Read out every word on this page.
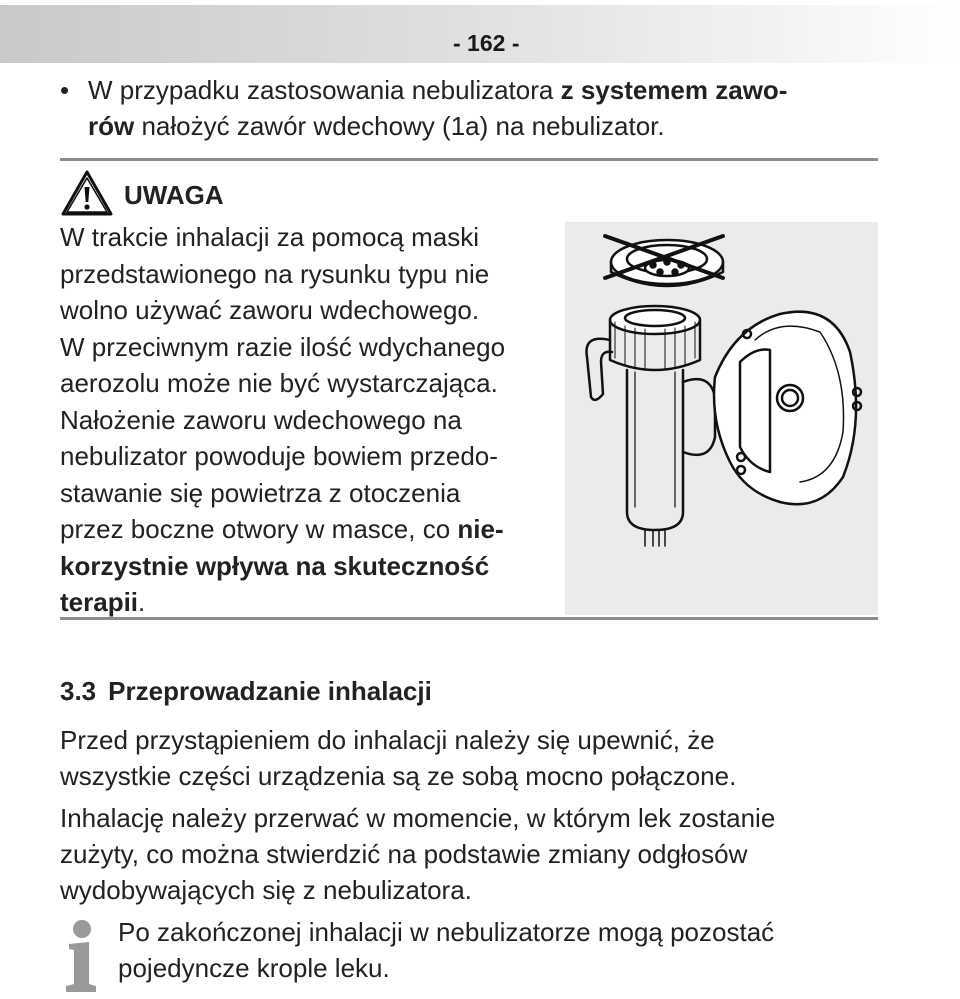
- 162 -
• W przypadku zastosowania nebulizatora z systemem zawo-
rów nałożyć zawór wdechowy (1a) na nebulizator.
UWAGA
W trakcie inhalacji za pomocą maski
przedstawionego na rysunku typu nie
wolno używać zaworu wdechowego.
W przeciwnym razie ilość wdychanego
aerozolu może nie być wystarczająca.
Nałożenie zaworu wdechowego na
nebulizator powoduje bowiem przedo-
stawanie się powietrza z otoczenia
przez boczne otwory w masce, co nie-
korzystnie wpływa na skuteczność
terapii.
3.3 Przeprowadzanie inhalacji
Przed przystąpieniem do inhalacji należy się upewnić, że
wszystkie części urządzenia są ze sobą mocno połączone.
Inhalację należy przerwać w momencie, w którym lek zostanie
zużyty, co można stwierdzić na podstawie zmiany odgłosów
wydobywających się z nebulizatora.
Po zakończonej inhalacji w nebulizatorze mogą pozostać
pojedyncze krople leku.
